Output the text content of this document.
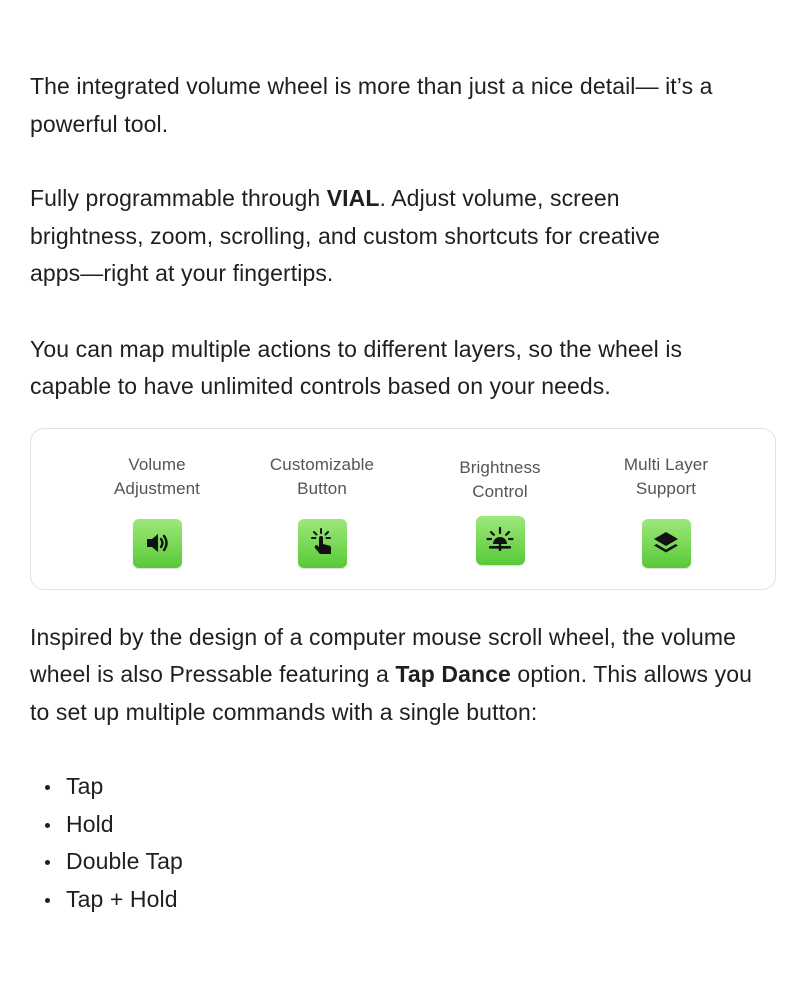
The integrated volume wheel is more than just a nice detail— it’s a powerful tool.

Fully programmable through VIAL. Adjust volume, screen brightness, zoom, scrolling, and custom shortcuts for creative apps—right at your fingertips.

You can map multiple actions to different layers, so the wheel is capable to have unlimited controls based on your needs.

Volume
Adjustment
Customizable
Button
Brightness
Control
Multi Layer
Support

Inspired by the design of a computer mouse scroll wheel, the volume wheel is also Pressable featuring a Tap Dance option. This allows you to set up multiple commands with a single button:

Tap
Hold
Double Tap
Tap + Hold
